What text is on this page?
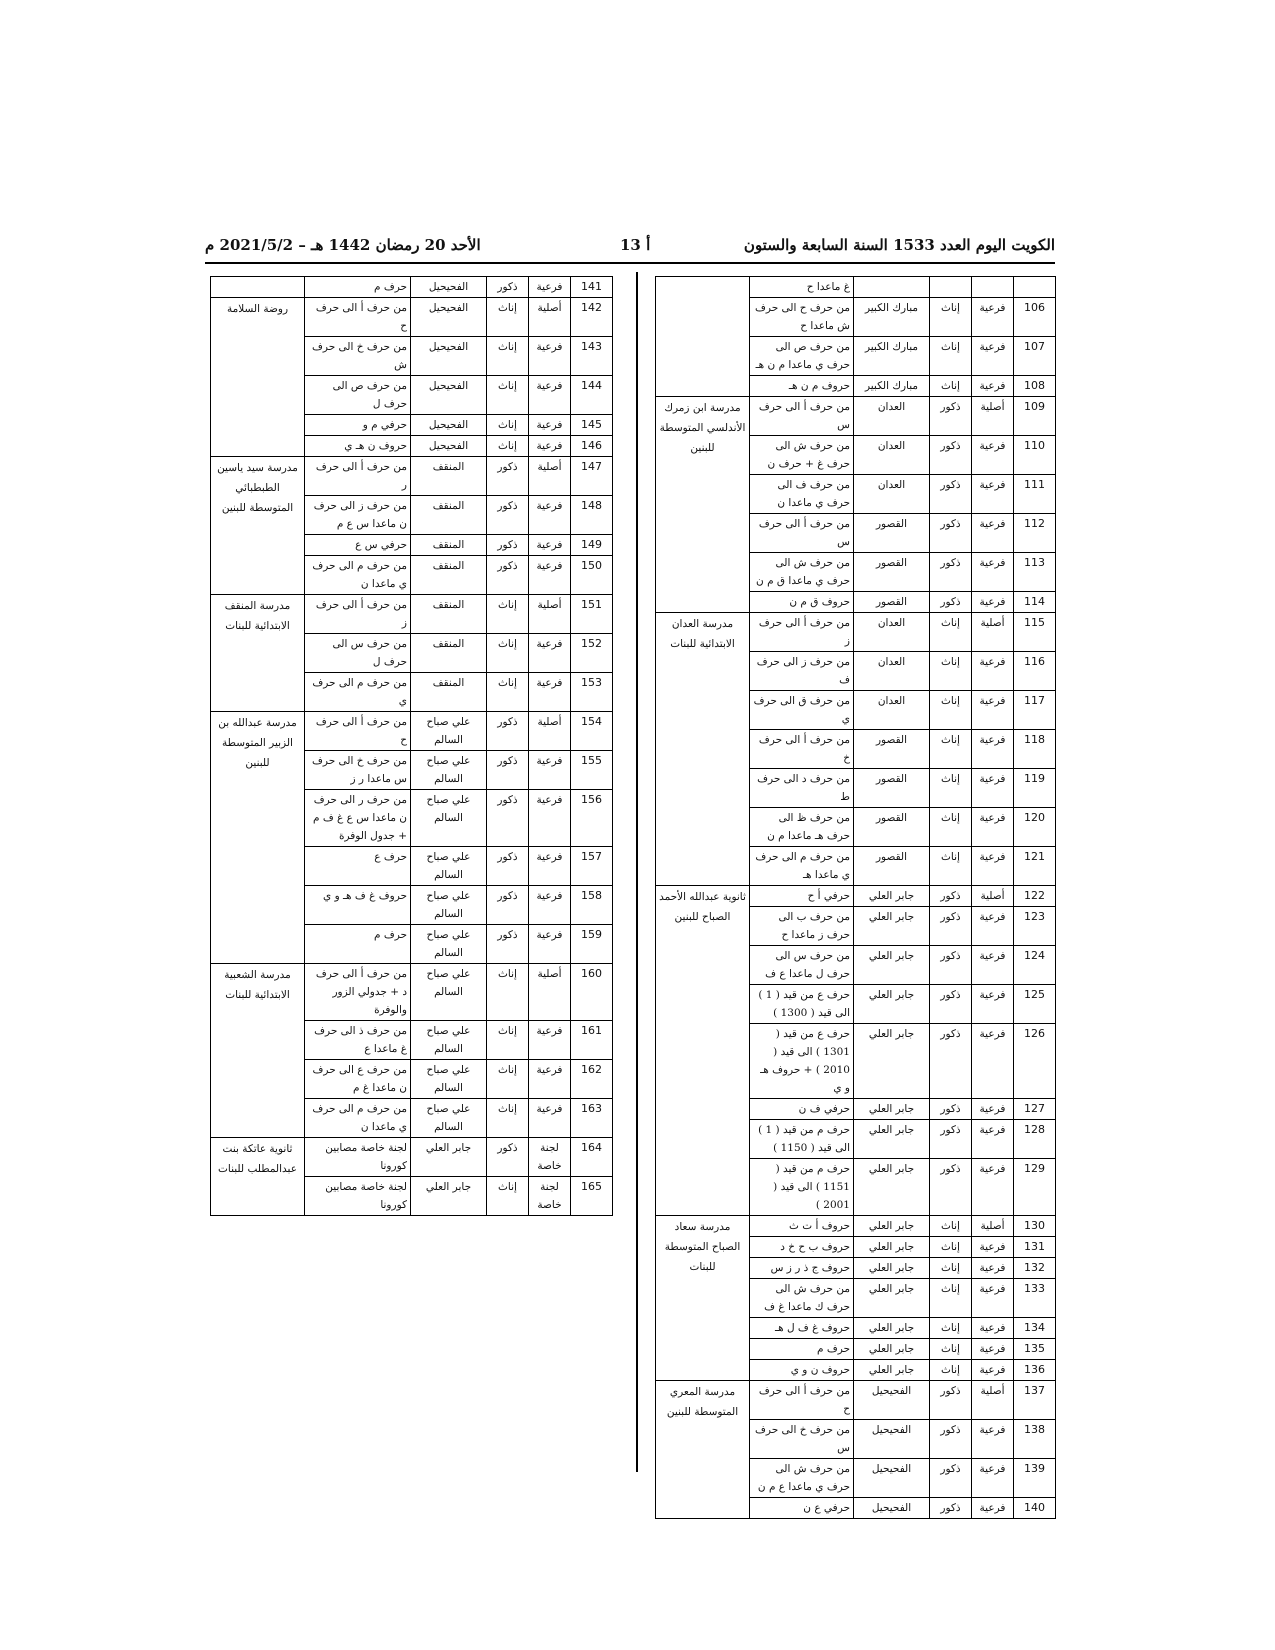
الكويت اليوم العدد 1533 السنة السابعة والستون
13 أ
الأحد 20 رمضان 1442 هـ – 2021/5/2 م
				غ ماعدا ح	
106	فرعية	إناث	مبارك الكبير	من حرف ح الى حرف ش ماعدا ح	
107	فرعية	إناث	مبارك الكبير	من حرف ص الى حرف ي ماعدا م ن هـ	
108	فرعية	إناث	مبارك الكبير	حروف م ن هـ	
109	أصلية	ذكور	العدان	من حرف أ الى حرف س	مدرسة ابن زمرك الأندلسي المتوسطة للبنين
110	فرعية	ذكور	العدان	من حرف ش الى حرف غ + حرف ن	
111	فرعية	ذكور	العدان	من حرف ف الى حرف ي ماعدا ن	
112	فرعية	ذكور	القصور	من حرف أ الى حرف س	
113	فرعية	ذكور	القصور	من حرف ش الى حرف ي ماعدا ق م ن	
114	فرعية	ذكور	القصور	حروف ق م ن	
115	أصلية	إناث	العدان	من حرف أ الى حرف ز	مدرسة العدان الابتدائية للبنات
116	فرعية	إناث	العدان	من حرف ز الى حرف ف	
117	فرعية	إناث	العدان	من حرف ق الى حرف ي	
118	فرعية	إناث	القصور	من حرف أ الى حرف خ	
119	فرعية	إناث	القصور	من حرف د الى حرف ط	
120	فرعية	إناث	القصور	من حرف ظ الى حرف هـ ماعدا م ن	
121	فرعية	إناث	القصور	من حرف م الى حرف ي ماعدا هـ	
122	أصلية	ذكور	جابر العلي	حرفي أ ح	ثانوية عبدالله الأحمد الصباح للبنين
123	فرعية	ذكور	جابر العلي	من حرف ب الى حرف ز ماعدا ح	
124	فرعية	ذكور	جابر العلي	من حرف س الى حرف ل ماعدا ع ف	
125	فرعية	ذكور	جابر العلي	حرف ع من قيد ( 1 ) الى قيد ( 1300 )	
126	فرعية	ذكور	جابر العلي	حرف ع من قيد ( 1301 ) الى قيد ( 2010 ) + حروف هـ و ي	
127	فرعية	ذكور	جابر العلي	حرفي ف ن	
128	فرعية	ذكور	جابر العلي	حرف م من قيد ( 1 ) الى قيد ( 1150 )	
129	فرعية	ذكور	جابر العلي	حرف م من قيد ( 1151 ) الى قيد ( 2001 )	
130	أصلية	إناث	جابر العلي	حروف أ ت ث	مدرسة سعاد الصباح المتوسطة للبنات
131	فرعية	إناث	جابر العلي	حروف ب ح خ د	
132	فرعية	إناث	جابر العلي	حروف ج ذ ر ز س	
133	فرعية	إناث	جابر العلي	من حرف ش الى حرف ك ماعدا غ ف	
134	فرعية	إناث	جابر العلي	حروف غ ف ل هـ	
135	فرعية	إناث	جابر العلي	حرف م	
136	فرعية	إناث	جابر العلي	حروف ن و ي	
137	أصلية	ذكور	الفحيحيل	من حرف أ الى حرف ح	مدرسة المعري المتوسطة للبنين
138	فرعية	ذكور	الفحيحيل	من حرف خ الى حرف س	
139	فرعية	ذكور	الفحيحيل	من حرف ش الى حرف ي ماعدا ع م ن	
140	فرعية	ذكور	الفحيحيل	حرفي ع ن	
141	فرعية	ذكور	الفحيحيل	حرف م	
142	أصلية	إناث	الفحيحيل	من حرف أ الى حرف ح	روضة السلامة
143	فرعية	إناث	الفحيحيل	من حرف خ الى حرف ش	
144	فرعية	إناث	الفحيحيل	من حرف ص الى حرف ل	
145	فرعية	إناث	الفحيحيل	حرفي م و	
146	فرعية	إناث	الفحيحيل	حروف ن هـ ي	
147	أصلية	ذكور	المنقف	من حرف أ الى حرف ر	مدرسة سيد ياسين الطبطبائي المتوسطة للبنين
148	فرعية	ذكور	المنقف	من حرف ز الى حرف ن ماعدا س ع م	
149	فرعية	ذكور	المنقف	حرفي س ع	
150	فرعية	ذكور	المنقف	من حرف م الى حرف ي ماعدا ن	
151	أصلية	إناث	المنقف	من حرف أ الى حرف ز	مدرسة المنقف الابتدائية للبنات
152	فرعية	إناث	المنقف	من حرف س الى حرف ل	
153	فرعية	إناث	المنقف	من حرف م الى حرف ي	
154	أصلية	ذكور	علي صباح السالم	من حرف أ الى حرف ح	مدرسة عبدالله بن الزبير المتوسطة للبنين
155	فرعية	ذكور	علي صباح السالم	من حرف خ الى حرف س ماعدا ر ز	
156	فرعية	ذكور	علي صباح السالم	من حرف ر الى حرف ن ماعدا س ع غ ف م + جدول الوفرة	
157	فرعية	ذكور	علي صباح السالم	حرف ع	
158	فرعية	ذكور	علي صباح السالم	حروف غ ف هـ و ي	
159	فرعية	ذكور	علي صباح السالم	حرف م	
160	أصلية	إناث	علي صباح السالم	من حرف أ الى حرف د + جدولي الزور والوفرة	مدرسة الشعبية الابتدائية للبنات
161	فرعية	إناث	علي صباح السالم	من حرف ذ الى حرف غ ماعدا ع	
162	فرعية	إناث	علي صباح السالم	من حرف ع الى حرف ن ماعدا غ م	
163	فرعية	إناث	علي صباح السالم	من حرف م الى حرف ي ماعدا ن	
164	لجنة خاصة	ذكور	جابر العلي	لجنة خاصة مصابين كورونا	ثانوية عاتكة بنت عبدالمطلب للبنات
165	لجنة خاصة	إناث	جابر العلي	لجنة خاصة مصابين كورونا	
